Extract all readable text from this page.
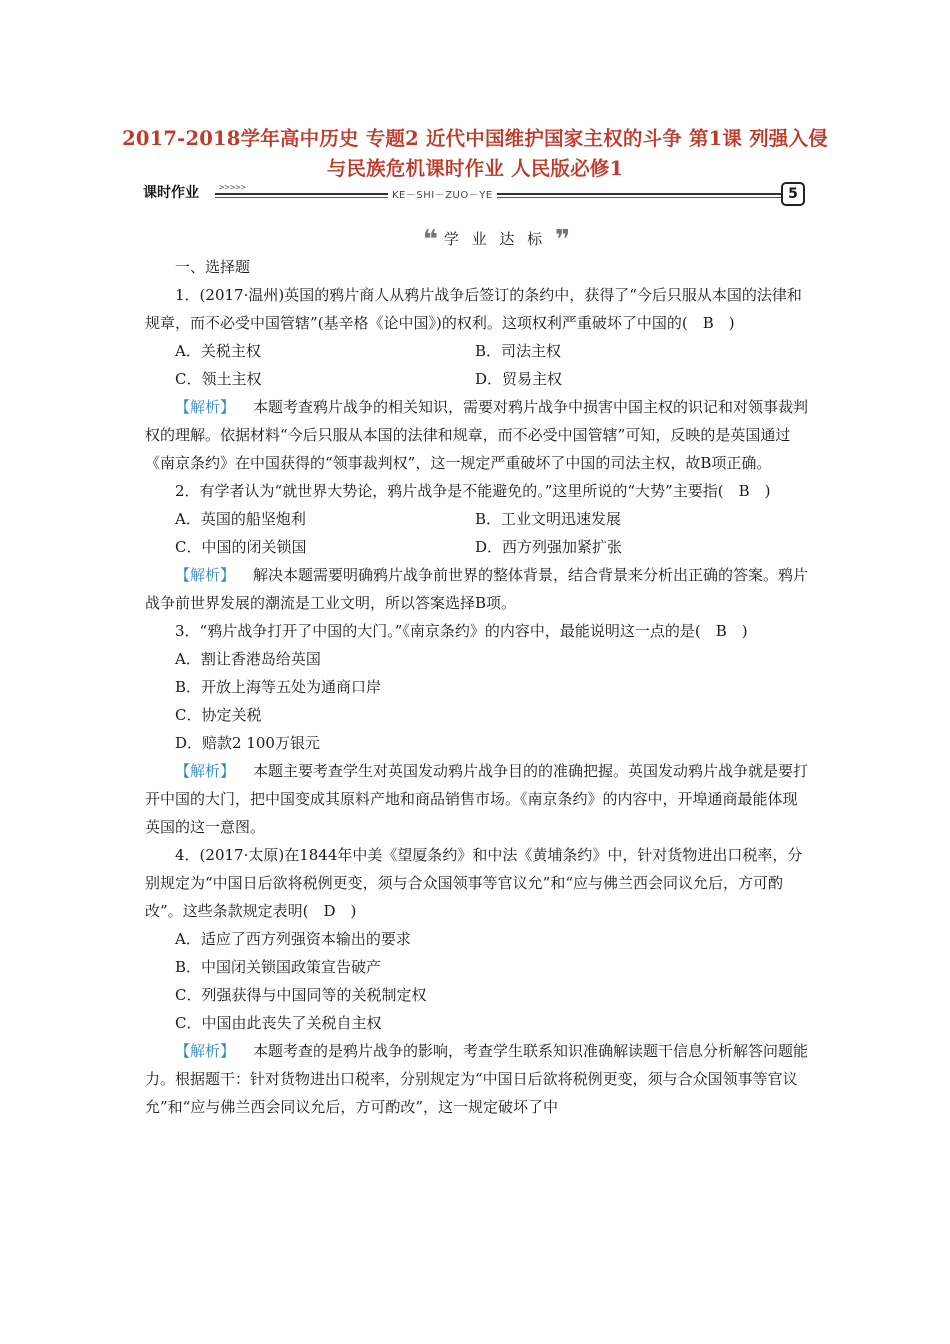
2017-2018学年高中历史 专题2 近代中国维护国家主权的斗争 第1课 列强入侵与民族危机课时作业 人民版必修1
课时作业 >>>>>
KE－SHI－ZUO－YE	5
❝ 学 业 达 标 ❞

一、选择题

1．(2017·温州)英国的鸦片商人从鸦片战争后签订的条约中，获得了“今后只服从本国的法律和规章，而不必受中国管辖”(基辛格《论中国》)的权利。这项权利严重破坏了中国的(　B　)

A．关税主权	B．司法主权
C．领土主权	D．贸易主权

【解析】 本题考查鸦片战争的相关知识，需要对鸦片战争中损害中国主权的识记和对领事裁判权的理解。依据材料“今后只服从本国的法律和规章，而不必受中国管辖”可知，反映的是英国通过《南京条约》在中国获得的“领事裁判权”，这一规定严重破坏了中国的司法主权，故B项正确。

2．有学者认为“就世界大势论，鸦片战争是不能避免的。”这里所说的“大势”主要指(　B　)

A．英国的船坚炮利	B．工业文明迅速发展
C．中国的闭关锁国	D．西方列强加紧扩张

【解析】 解决本题需要明确鸦片战争前世界的整体背景，结合背景来分析出正确的答案。鸦片战争前世界发展的潮流是工业文明，所以答案选择B项。

3．“鸦片战争打开了中国的大门。”《南京条约》的内容中，最能说明这一点的是(　B　)

A．割让香港岛给英国

B．开放上海等五处为通商口岸

C．协定关税

D．赔款2 100万银元

【解析】 本题主要考查学生对英国发动鸦片战争目的的准确把握。英国发动鸦片战争就是要打开中国的大门，把中国变成其原料产地和商品销售市场。《南京条约》的内容中，开埠通商最能体现英国的这一意图。

4．(2017·太原)在1844年中美《望厦条约》和中法《黄埔条约》中，针对货物进出口税率，分别规定为“中国日后欲将税例更变，须与合众国领事等官议允”和“应与佛兰西会同议允后，方可酌改”。这些条款规定表明(　D　)

A．适应了西方列强资本输出的要求

B．中国闭关锁国政策宣告破产

C．列强获得与中国同等的关税制定权

C．中国由此丧失了关税自主权

【解析】 本题考查的是鸦片战争的影响，考查学生联系知识准确解读题干信息分析解答问题能力。根据题干：针对货物进出口税率，分别规定为“中国日后欲将税例更变，须与合众国领事等官议允”和“应与佛兰西会同议允后，方可酌改”，这一规定破坏了中
